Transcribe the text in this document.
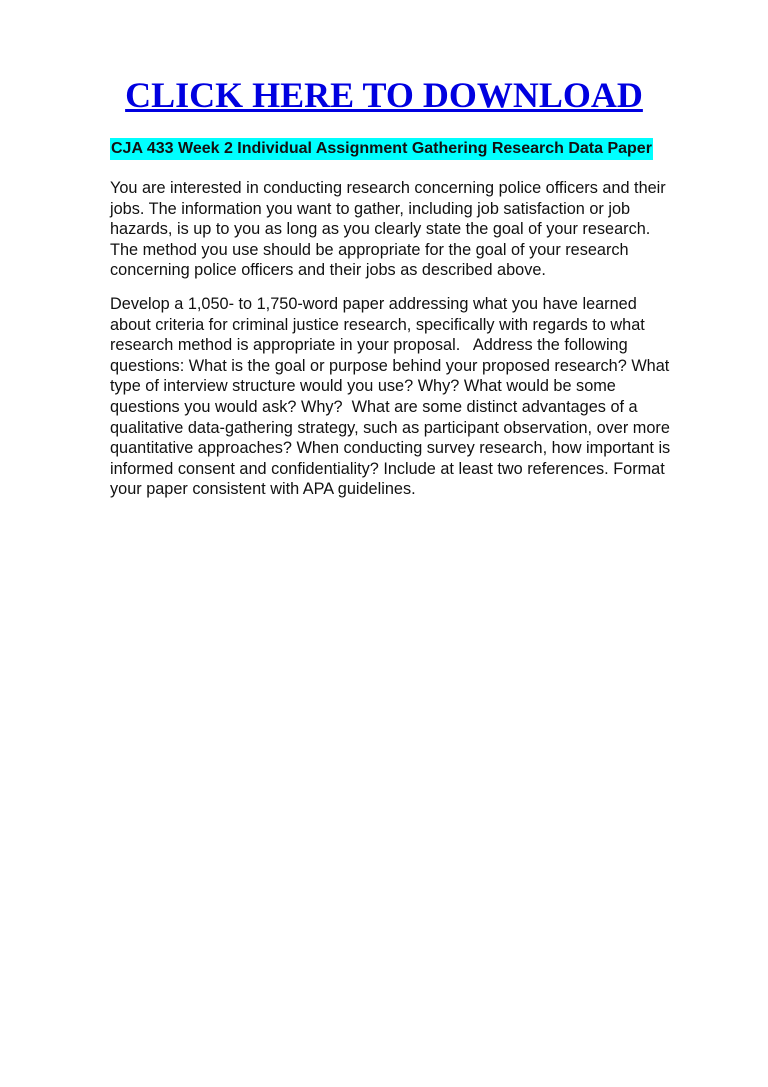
CLICK HERE TO DOWNLOAD
CJA 433 Week 2 Individual Assignment Gathering Research Data Paper
You are interested in conducting research concerning police officers and their
jobs. The information you want to gather, including job satisfaction or job
hazards, is up to you as long as you clearly state the goal of your research.
The method you use should be appropriate for the goal of your research
concerning police officers and their jobs as described above.
Develop a 1,050- to 1,750-word paper addressing what you have learned
about criteria for criminal justice research, specifically with regards to what
research method is appropriate in your proposal.   Address the following
questions: What is the goal or purpose behind your proposed research? What
type of interview structure would you use? Why? What would be some
questions you would ask? Why?  What are some distinct advantages of a
qualitative data-gathering strategy, such as participant observation, over more
quantitative approaches? When conducting survey research, how important is
informed consent and confidentiality? Include at least two references. Format
your paper consistent with APA guidelines.
